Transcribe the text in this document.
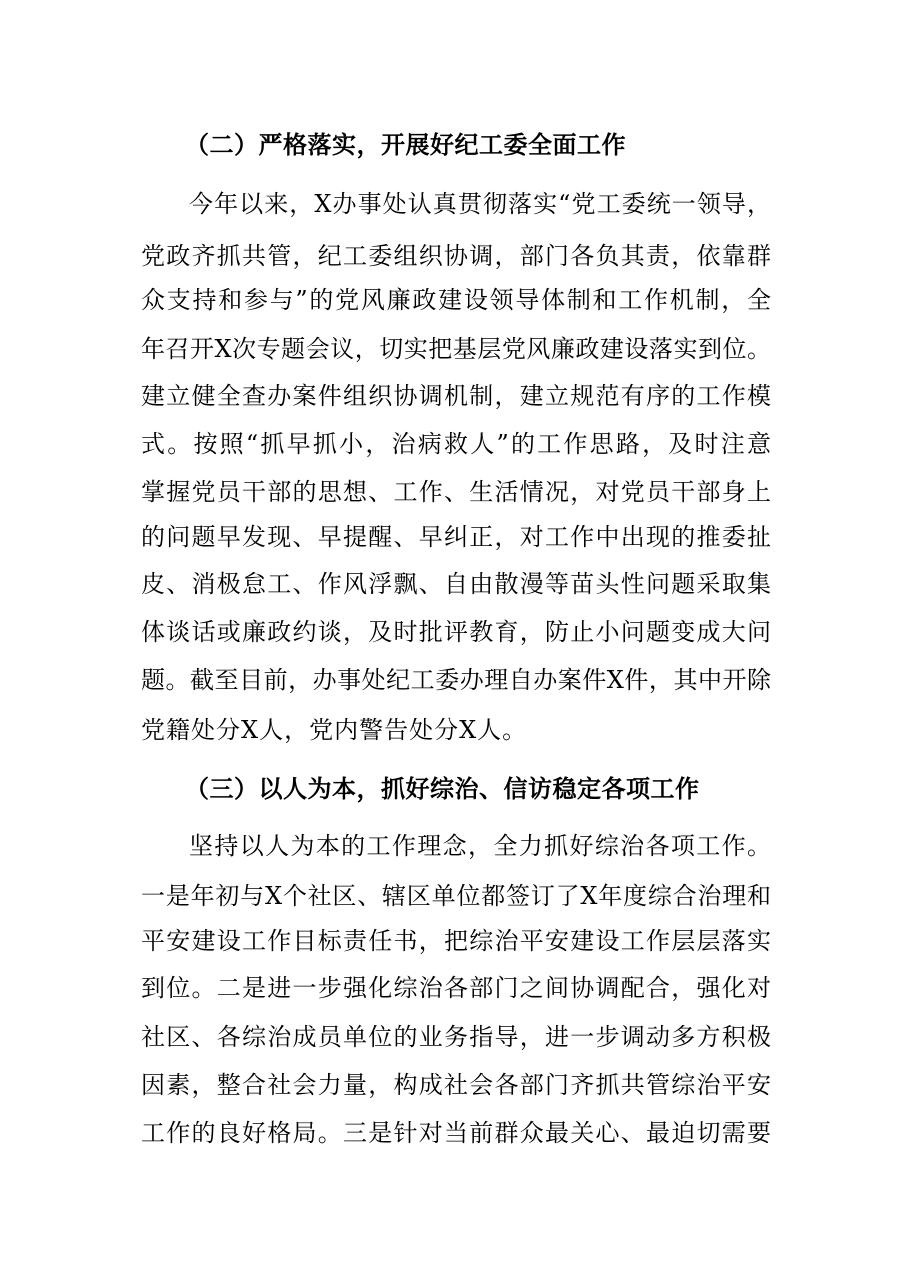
（二）严格落实，开展好纪工委全面工作
今年以来，X办事处认真贯彻落实“党工委统一领导，
党政齐抓共管，纪工委组织协调，部门各负其责，依靠群
众支持和参与”的党风廉政建设领导体制和工作机制，全
年召开X次专题会议，切实把基层党风廉政建设落实到位。
建立健全查办案件组织协调机制，建立规范有序的工作模
式。按照“抓早抓小，治病救人”的工作思路，及时注意
掌握党员干部的思想、工作、生活情况，对党员干部身上
的问题早发现、早提醒、早纠正，对工作中出现的推委扯
皮、消极怠工、作风浮飘、自由散漫等苗头性问题采取集
体谈话或廉政约谈，及时批评教育，防止小问题变成大问
题。截至目前，办事处纪工委办理自办案件X件，其中开除
党籍处分X人，党内警告处分X人。
（三）以人为本，抓好综治、信访稳定各项工作
坚持以人为本的工作理念，全力抓好综治各项工作。
一是年初与X个社区、辖区单位都签订了X年度综合治理和
平安建设工作目标责任书，把综治平安建设工作层层落实
到位。二是进一步强化综治各部门之间协调配合，强化对
社区、各综治成员单位的业务指导，进一步调动多方积极
因素，整合社会力量，构成社会各部门齐抓共管综治平安
工作的良好格局。三是针对当前群众最关心、最迫切需要
